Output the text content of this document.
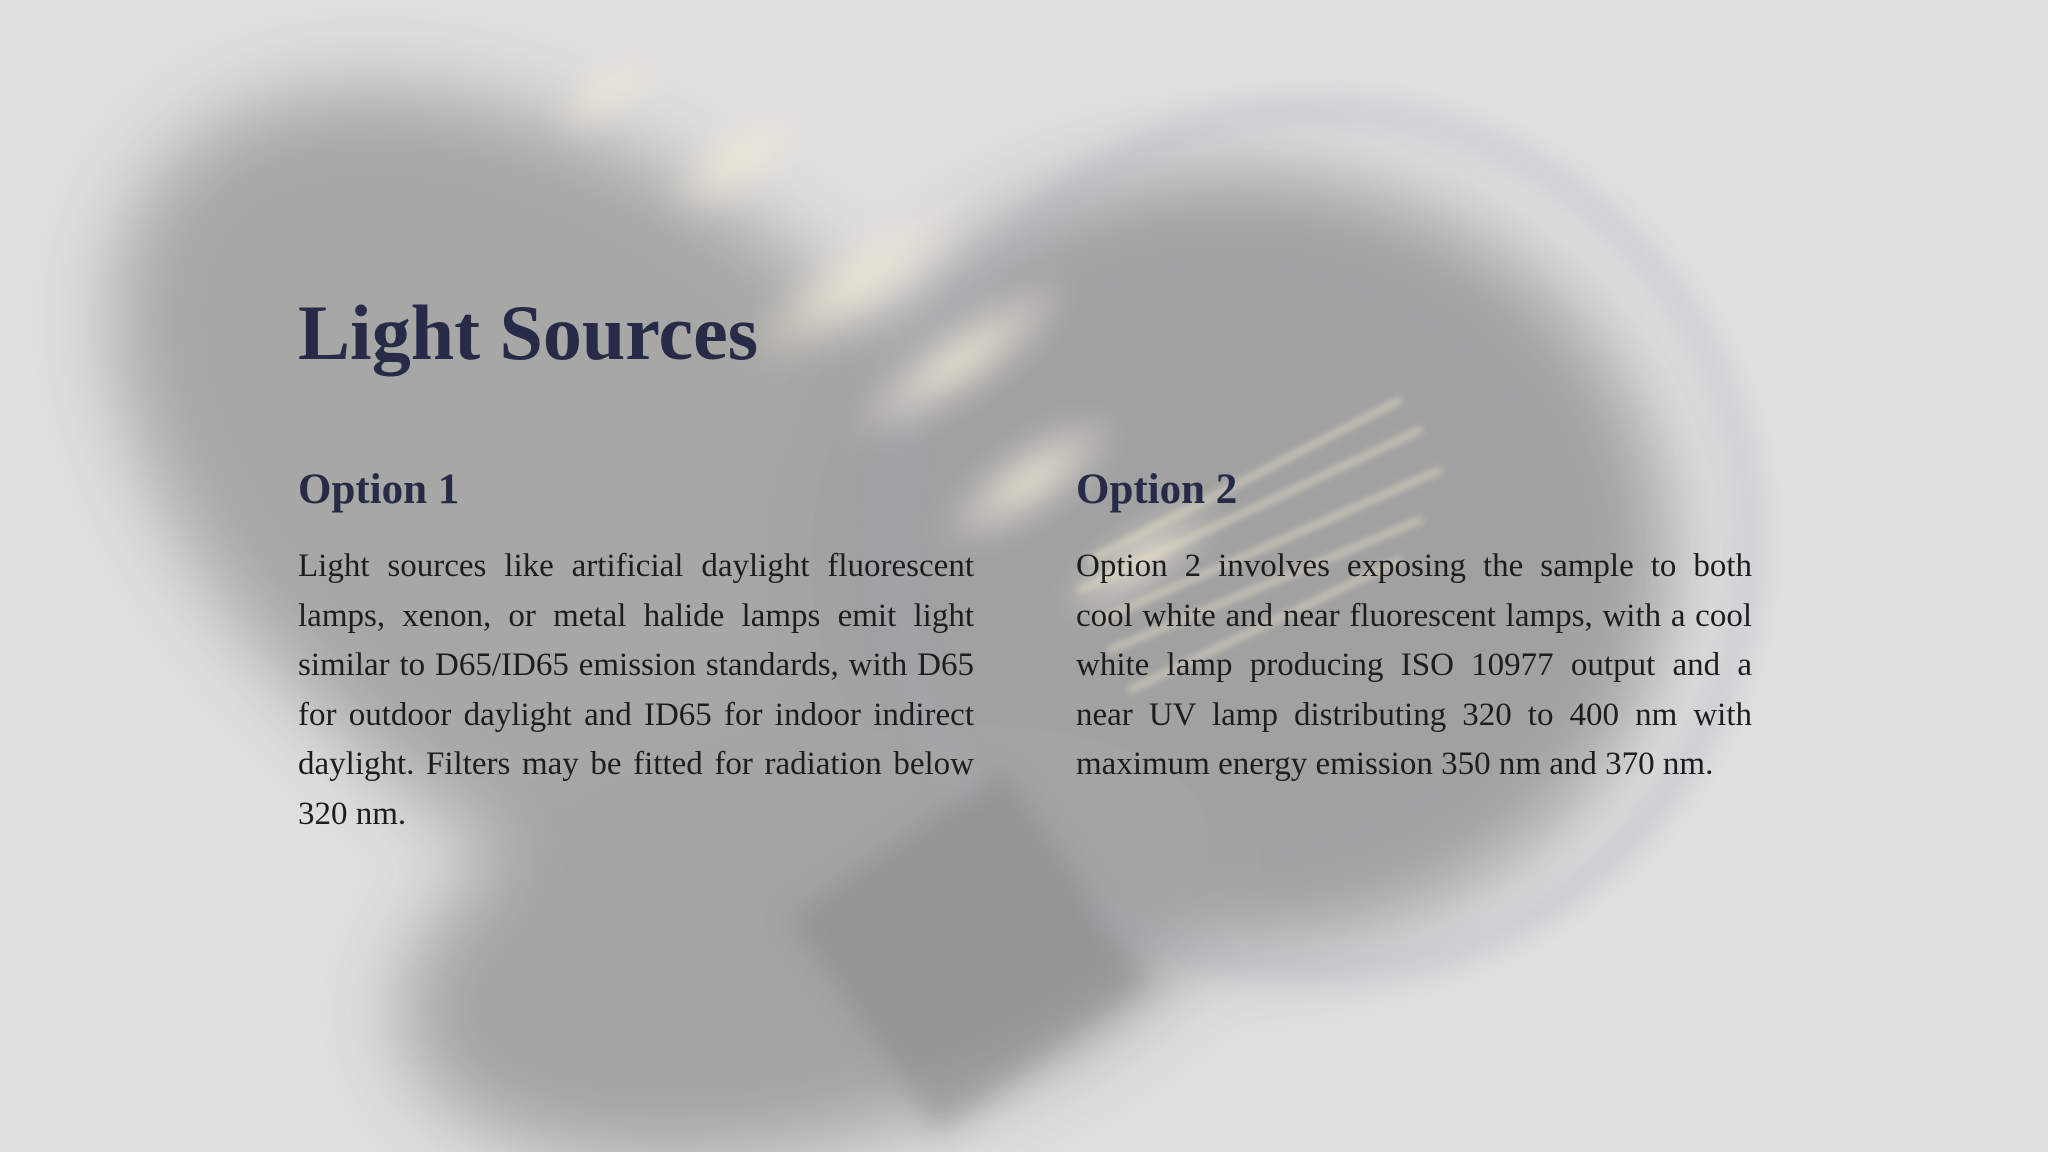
Light Sources
Option 1

Light sources like artificial daylight fluorescent lamps, xenon, or metal halide lamps emit light similar to D65/ID65 emission standards, with D65 for outdoor daylight and ID65 for indoor indirect daylight. Filters may be fitted for radiation below 320 nm.

Option 2

Option 2 involves exposing the sample to both cool white and near fluorescent lamps, with a cool white lamp producing ISO 10977 output and a near UV lamp distributing 320 to 400 nm with maximum energy emission 350 nm and 370 nm.
